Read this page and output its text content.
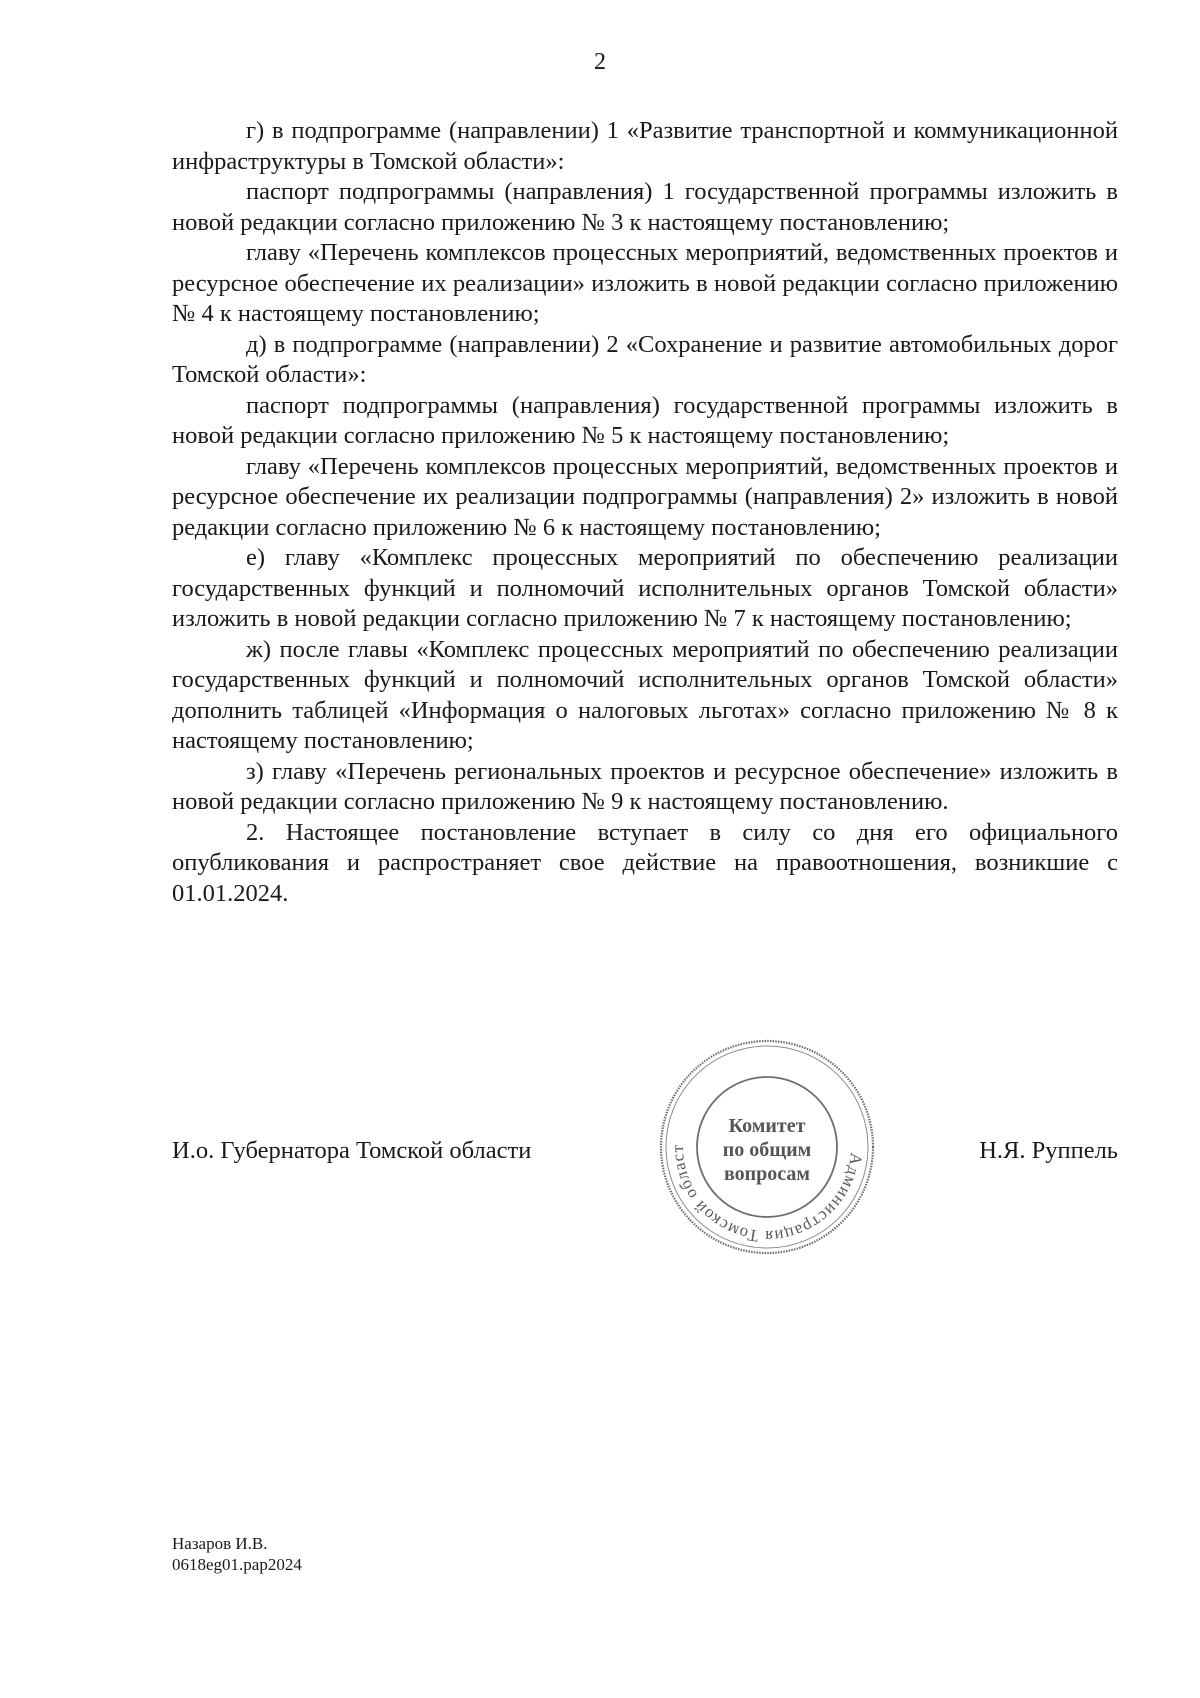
2

г) в подпрограмме (направлении) 1 «Развитие транспортной и коммуникационной инфраструктуры в Томской области»:

паспорт подпрограммы (направления) 1 государственной программы изложить в новой редакции согласно приложению № 3 к настоящему постановлению;

главу «Перечень комплексов процессных мероприятий, ведомственных проектов и ресурсное обеспечение их реализации» изложить в новой редакции согласно приложению № 4 к настоящему постановлению;

д) в подпрограмме (направлении) 2 «Сохранение и развитие автомобильных дорог Томской области»:

паспорт подпрограммы (направления) государственной программы изложить в новой редакции согласно приложению № 5 к настоящему постановлению;

главу «Перечень комплексов процессных мероприятий, ведомственных проектов и ресурсное обеспечение их реализации подпрограммы (направления) 2» изложить в новой редакции согласно приложению № 6 к настоящему постановлению;

е) главу «Комплекс процессных мероприятий по обеспечению реализации государственных функций и полномочий исполнительных органов Томской области» изложить в новой редакции согласно приложению № 7 к настоящему постановлению;

ж) после главы «Комплекс процессных мероприятий по обеспечению реализации государственных функций и полномочий исполнительных органов Томской области» дополнить таблицей «Информация о налоговых льготах» согласно приложению № 8 к настоящему постановлению;

з) главу «Перечень региональных проектов и ресурсное обеспечение» изложить в новой редакции согласно приложению № 9 к настоящему постановлению.

2. Настоящее постановление вступает в силу со дня его официального опубликования и распространяет свое действие на правоотношения, возникшие с 01.01.2024.

И.о. Губернатора Томской области	Н.Я. Руппель
Администрация Томской област
Комитет
по общим
вопросам
Назаров И.В.
0618eg01.pap2024
